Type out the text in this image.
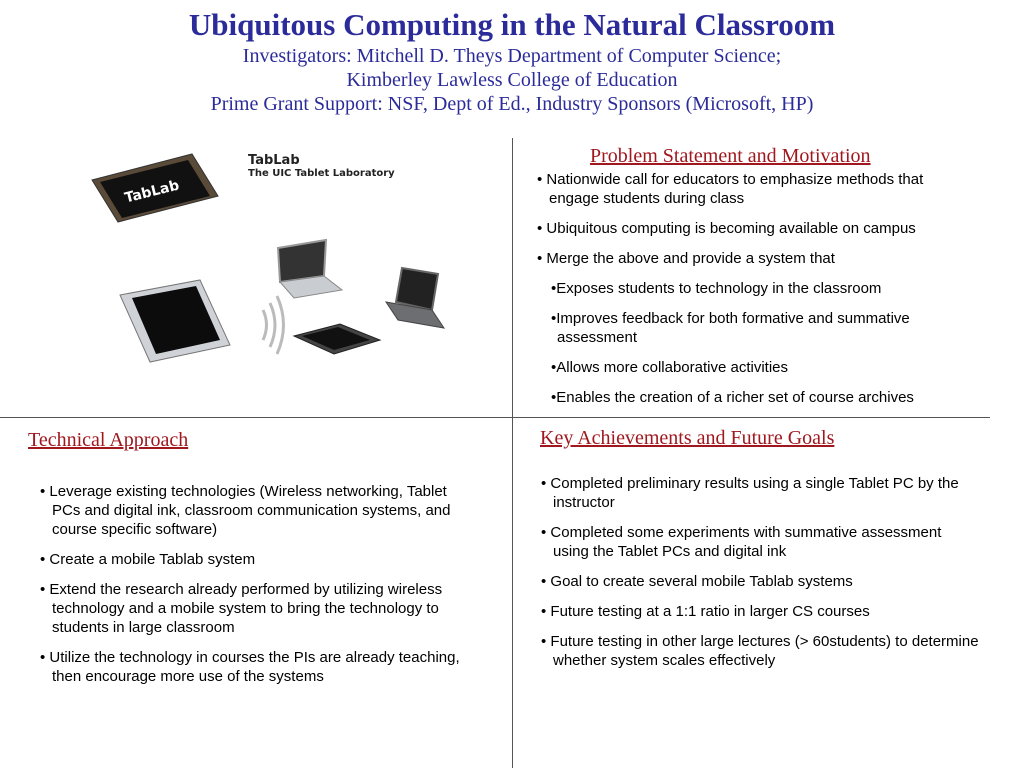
Ubiquitous Computing in the Natural Classroom

Investigators: Mitchell D. Theys Department of Computer Science;

Kimberley Lawless College of Education

Prime Grant Support: NSF, Dept of Ed., Industry Sponsors (Microsoft, HP)

TabLab
TabLab
The UIC Tablet Laboratory
Problem Statement and Motivation
• Nationwide call for educators to emphasize methods that engage students during class
• Ubiquitous computing is becoming available on campus
• Merge the above and provide a system that
•Exposes students to technology in the classroom
•Improves feedback for both formative and summative assessment
•Allows more collaborative activities
•Enables the creation of a richer set of course archives
Technical Approach
• Leverage existing technologies (Wireless networking, Tablet PCs and digital ink, classroom communication systems, and course specific software)
• Create a mobile Tablab system
• Extend the research already performed by utilizing wireless technology and a mobile system to bring the technology to students in large classroom
• Utilize the technology in courses the PIs are already teaching, then encourage more use of the systems
Key Achievements and Future Goals
• Completed preliminary results using a single Tablet PC by the instructor
• Completed some experiments with summative assessment using the Tablet PCs and digital ink
• Goal to create several mobile Tablab systems
• Future testing at a 1:1 ratio in larger CS courses
• Future testing in other large lectures (> 60students) to determine whether system scales effectively
